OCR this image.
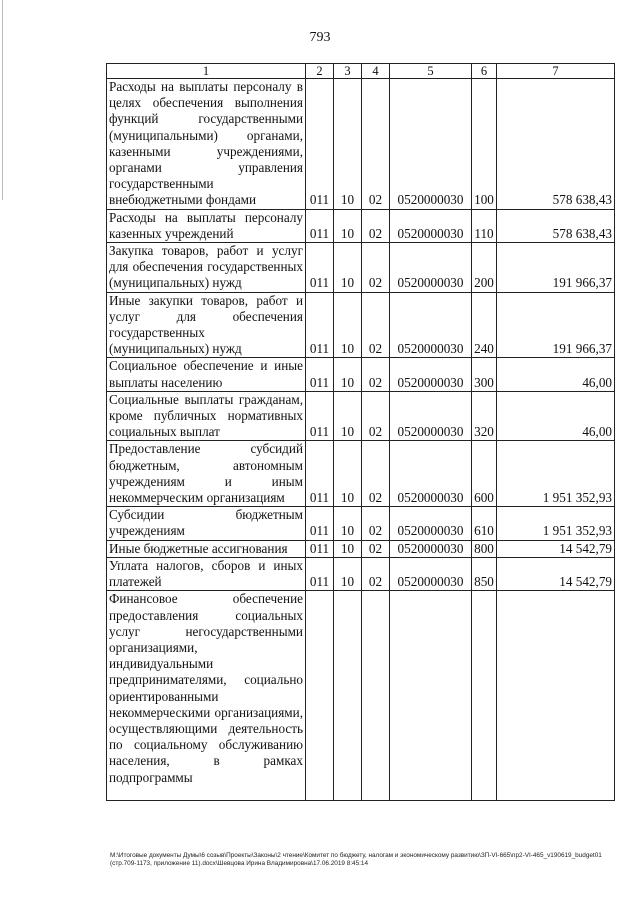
793
1	2	3	4	5	6	7
Расходы на выплаты персоналу в целях обеспечения выполнения функций государственными (муниципальными) органами, казенными учреждениями, органами управления государственными внебюджетными фондами	011	10	02	0520000030	100	578 638,43
Расходы на выплаты персоналу казенных учреждений	011	10	02	0520000030	110	578 638,43
Закупка товаров, работ и услуг для обеспечения государственных (муниципальных) нужд	011	10	02	0520000030	200	191 966,37
Иные закупки товаров, работ и услуг для обеспечения государственных (муниципальных) нужд	011	10	02	0520000030	240	191 966,37
Социальное обеспечение и иные выплаты населению	011	10	02	0520000030	300	46,00
Социальные выплаты гражданам, кроме публичных нормативных социальных выплат	011	10	02	0520000030	320	46,00
Предоставление субсидий бюджетным, автономным учреждениям и иным некоммерческим организациям	011	10	02	0520000030	600	1 951 352,93
Субсидии бюджетным учреждениям	011	10	02	0520000030	610	1 951 352,93
Иные бюджетные ассигнования	011	10	02	0520000030	800	14 542,79
Уплата налогов, сборов и иных платежей	011	10	02	0520000030	850	14 542,79
Финансовое обеспечение предоставления социальных услуг негосударственными организациями, индивидуальными предпринимателями, социально ориентированными некоммерческими организациями, осуществляющими деятельность по социальному обслуживанию населения, в рамках подпрограммы						
M:\Итоговые документы Думы\6 созыв\Проекты\Законы\2 чтение\Комитет по бюджету, налогам и экономическому развитию\ЗП-VI-665\пр2-VI-465_v190619_budget01 (стр.709-1173, приложение 11).docx\Шевцова Ирина Владимировна\17.06.2019 8:45:14
